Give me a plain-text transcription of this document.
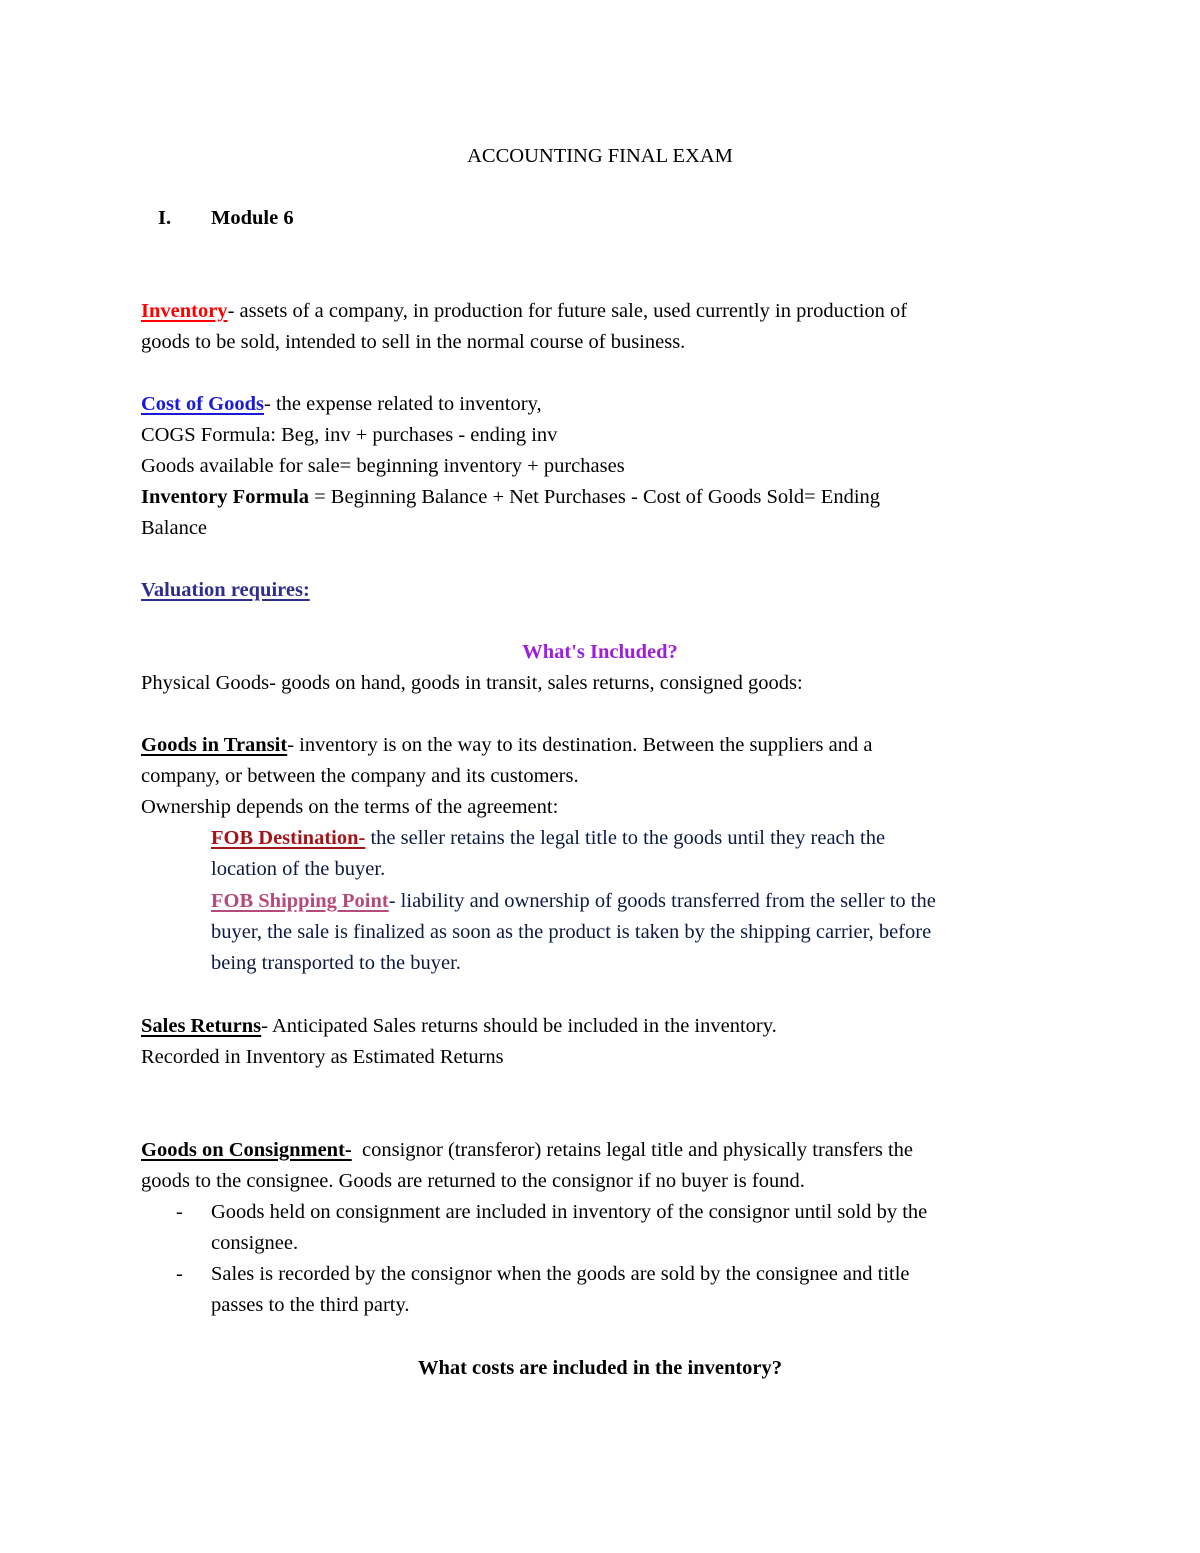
ACCOUNTING FINAL EXAM

I. Module 6

Inventory- assets of a company, in production for future sale, used currently in production of

goods to be sold, intended to sell in the normal course of business.

Cost of Goods- the expense related to inventory,

COGS Formula: Beg, inv + purchases - ending inv

Goods available for sale= beginning inventory + purchases

Inventory Formula = Beginning Balance + Net Purchases - Cost of Goods Sold= Ending

Balance

Valuation requires:

What's Included?

Physical Goods- goods on hand, goods in transit, sales returns, consigned goods:

Goods in Transit- inventory is on the way to its destination. Between the suppliers and a

company, or between the company and its customers.

Ownership depends on the terms of the agreement:

FOB Destination- the seller retains the legal title to the goods until they reach the

location of the buyer.

FOB Shipping Point- liability and ownership of goods transferred from the seller to the

buyer, the sale is finalized as soon as the product is taken by the shipping carrier, before

being transported to the buyer.

Sales Returns- Anticipated Sales returns should be included in the inventory.

Recorded in Inventory as Estimated Returns

Goods on Consignment-  consignor (transferor) retains legal title and physically transfers the

goods to the consignee. Goods are returned to the consignor if no buyer is found.

- Goods held on consignment are included in inventory of the consignor until sold by the

consignee.

- Sales is recorded by the consignor when the goods are sold by the consignee and title

passes to the third party.

What costs are included in the inventory?
